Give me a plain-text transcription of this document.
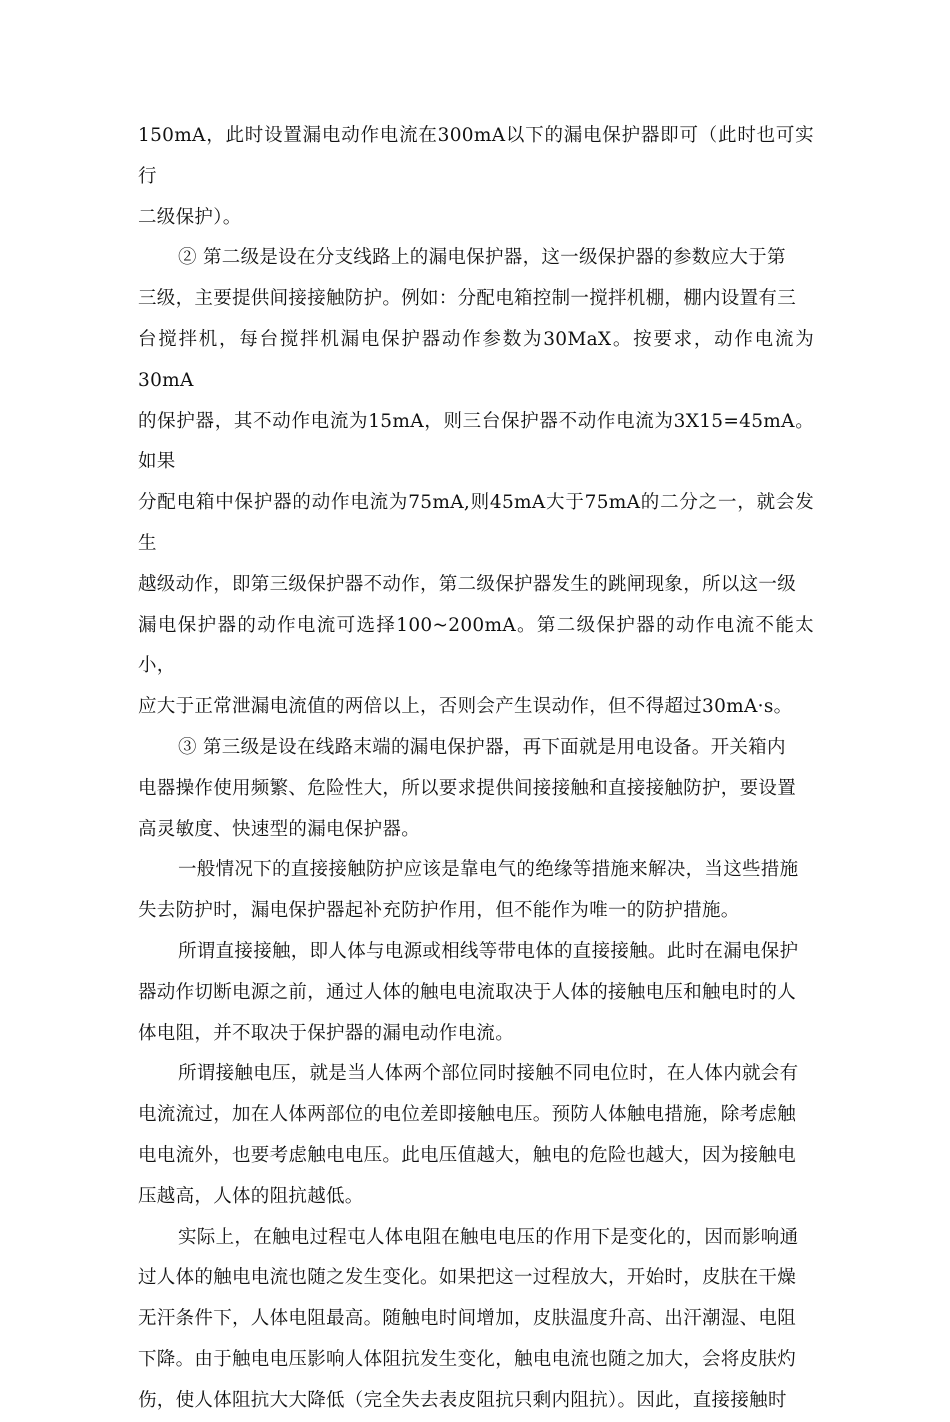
150mA，此时设置漏电动作电流在300mA以下的漏电保护器即可（此时也可实行
二级保护）。
② 第二级是设在分支线路上的漏电保护器，这一级保护器的参数应大于第
三级，主要提供间接接触防护。例如：分配电箱控制一搅拌机棚，棚内设置有三
台搅拌机，每台搅拌机漏电保护器动作参数为30MaX。按要求，动作电流为30mA
的保护器，其不动作电流为15mA，则三台保护器不动作电流为3X15=45mA。如果
分配电箱中保护器的动作电流为75mA,则45mA大于75mA的二分之一，就会发生
越级动作，即第三级保护器不动作，第二级保护器发生的跳闸现象，所以这一级
漏电保护器的动作电流可选择100~200mA。第二级保护器的动作电流不能太小，
应大于正常泄漏电流值的两倍以上，否则会产生误动作，但不得超过30mA·s。
③ 第三级是设在线路末端的漏电保护器，再下面就是用电设备。开关箱内
电器操作使用频繁、危险性大，所以要求提供间接接触和直接接触防护，要设置
高灵敏度、快速型的漏电保护器。
一般情况下的直接接触防护应该是靠电气的绝缘等措施来解决，当这些措施
失去防护时，漏电保护器起补充防护作用，但不能作为唯一的防护措施。
所谓直接接触，即人体与电源或相线等带电体的直接接触。此时在漏电保护
器动作切断电源之前，通过人体的触电电流取决于人体的接触电压和触电时的人
体电阻，并不取决于保护器的漏电动作电流。
所谓接触电压，就是当人体两个部位同时接触不同电位时，在人体内就会有
电流流过，加在人体两部位的电位差即接触电压。预防人体触电措施，除考虑触
电电流外，也要考虑触电电压。此电压值越大，触电的危险也越大，因为接触电
压越高，人体的阻抗越低。
实际上，在触电过程屯人体电阻在触电电压的作用下是变化的，因而影响通
过人体的触电电流也随之发生变化。如果把这一过程放大，开始时，皮肤在干燥
无汗条件下，人体电阻最高。随触电时间增加，皮肤温度升高、出汗潮湿、电阻
下降。由于触电电压影响人体阻抗发生变化，触电电流也随之加大，会将皮肤灼
伤，使人体阻抗大大降低（完全失去表皮阻抗只剩内阻抗）。因此，直接接触时
